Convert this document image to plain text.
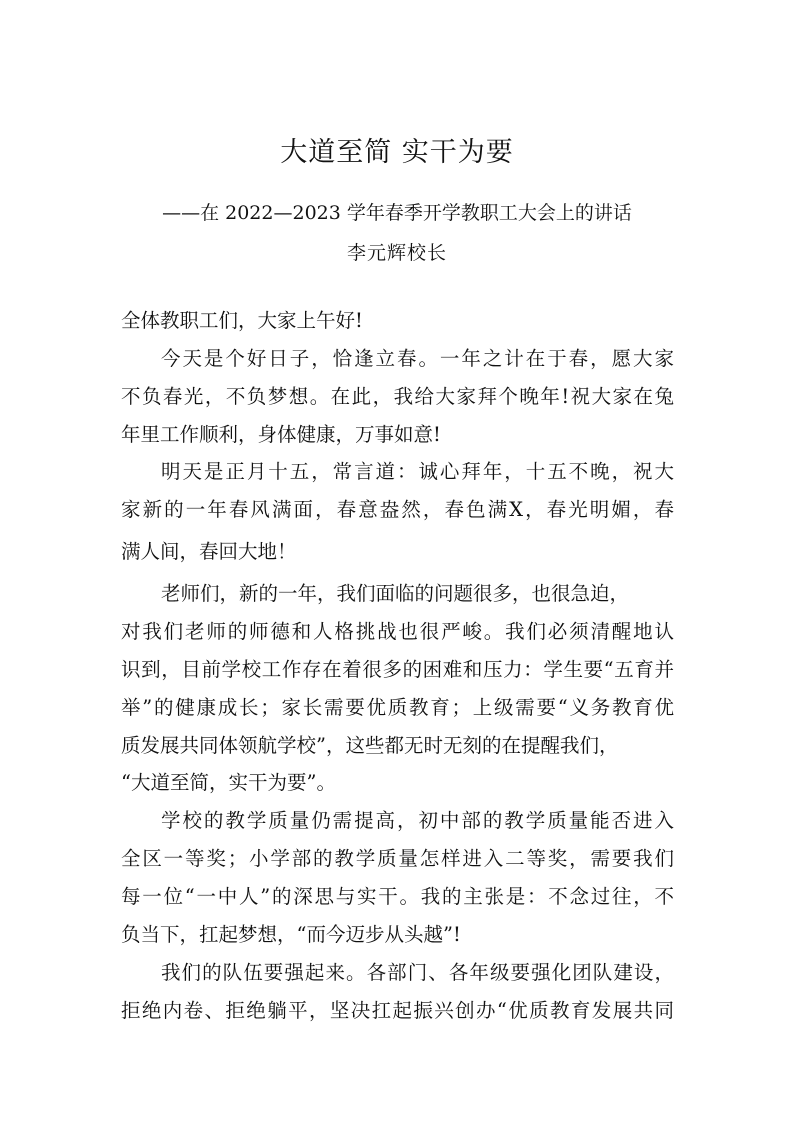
大道至简 实干为要
——在 2022—2023 学年春季开学教职工大会上的讲话
李元辉校长
全体教职工们，大家上午好!
今天是个好日子，恰逢立春。一年之计在于春，愿大家
不负春光，不负梦想。在此，我给大家拜个晚年!祝大家在兔
年里工作顺利，身体健康，万事如意!
明天是正月十五，常言道：诚心拜年，十五不晚，祝大
家新的一年春风满面，春意盎然，春色满X，春光明媚，春
满人间，春回大地！
老师们，新的一年，我们面临的问题很多，也很急迫，
对我们老师的师德和人格挑战也很严峻。我们必须清醒地认
识到，目前学校工作存在着很多的困难和压力：学生要“五育并
举”的健康成长；家长需要优质教育；上级需要“义务教育优
质发展共同体领航学校”，这些都无时无刻的在提醒我们，
“大道至简，实干为要”。
学校的教学质量仍需提高，初中部的教学质量能否进入
全区一等奖；小学部的教学质量怎样进入二等奖，需要我们
每一位“一中人”的深思与实干。我的主张是：不念过往，不
负当下，扛起梦想，“而今迈步从头越”!
我们的队伍要强起来。各部门、各年级要强化团队建设，
拒绝内卷、拒绝躺平，坚决扛起振兴创办“优质教育发展共同
